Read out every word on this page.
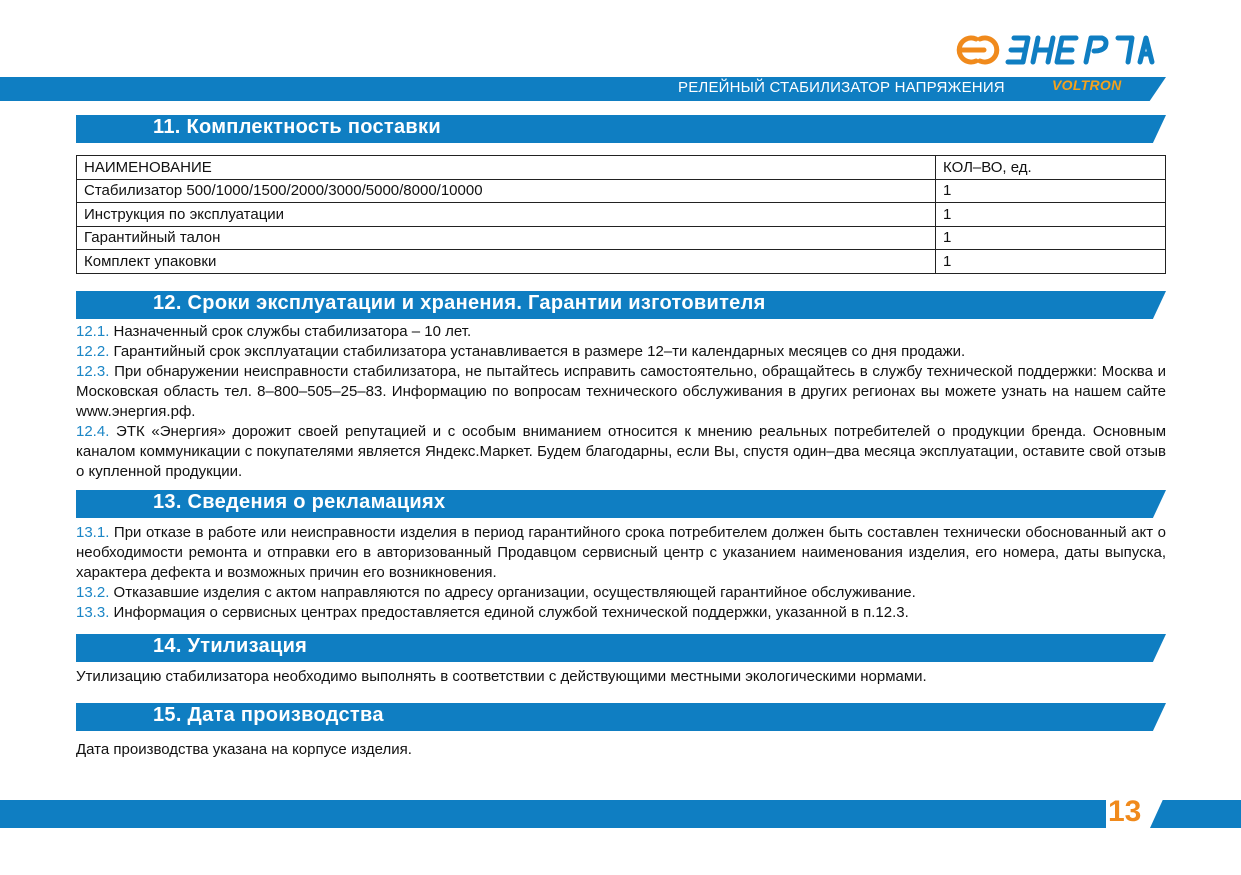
РЕЛЕЙНЫЙ СТАБИЛИЗАТОР НАПРЯЖЕНИЯ	VOLTRON
11. Комплектность поставки
НАИМЕНОВАНИЕ	КОЛ–ВО, ед.
Стабилизатор 500/1000/1500/2000/3000/5000/8000/10000	1
Инструкция по эксплуатации	1
Гарантийный талон	1
Комплект упаковки	1
12. Сроки эксплуатации и хранения. Гарантии изготовителя
12.1. Назначенный срок службы стабилизатора – 10 лет.
12.2. Гарантийный срок эксплуатации стабилизатора устанавливается в размере 12–ти календарных месяцев со дня продажи.
12.3. При обнаружении неисправности стабилизатора, не пытайтесь исправить самостоятельно, обращайтесь в службу технической поддержки: Москва и Московская область тел. 8–800–505–25–83. Информацию по вопросам технического обслуживания в других регионах вы можете узнать на нашем сайте www.энергия.рф.
12.4. ЭТК «Энергия» дорожит своей репутацией и с особым вниманием относится к мнению реальных потребителей о продукции бренда. Основным каналом коммуникации с покупателями является Яндекс.Маркет. Будем благодарны, если Вы, спустя один–два месяца эксплуатации, оставите свой отзыв о купленной продукции.
13. Сведения о рекламациях
13.1. При отказе в работе или неисправности изделия в период гарантийного срока потребителем должен быть составлен технически обоснованный акт о необходимости ремонта и отправки его в авторизованный Продавцом сервисный центр с указанием наименования изделия, его номера, даты выпуска, характера дефекта и возможных причин его возникновения.
13.2. Отказавшие изделия с актом направляются по адресу организации, осуществляющей гарантийное обслуживание.
13.3. Информация о сервисных центрах предоставляется единой службой технической поддержки, указанной в п.12.3.
14. Утилизация
Утилизацию стабилизатора необходимо выполнять в соответствии с действующими местными экологическими нормами.
15. Дата производства
Дата производства указана на корпусе изделия.
13
